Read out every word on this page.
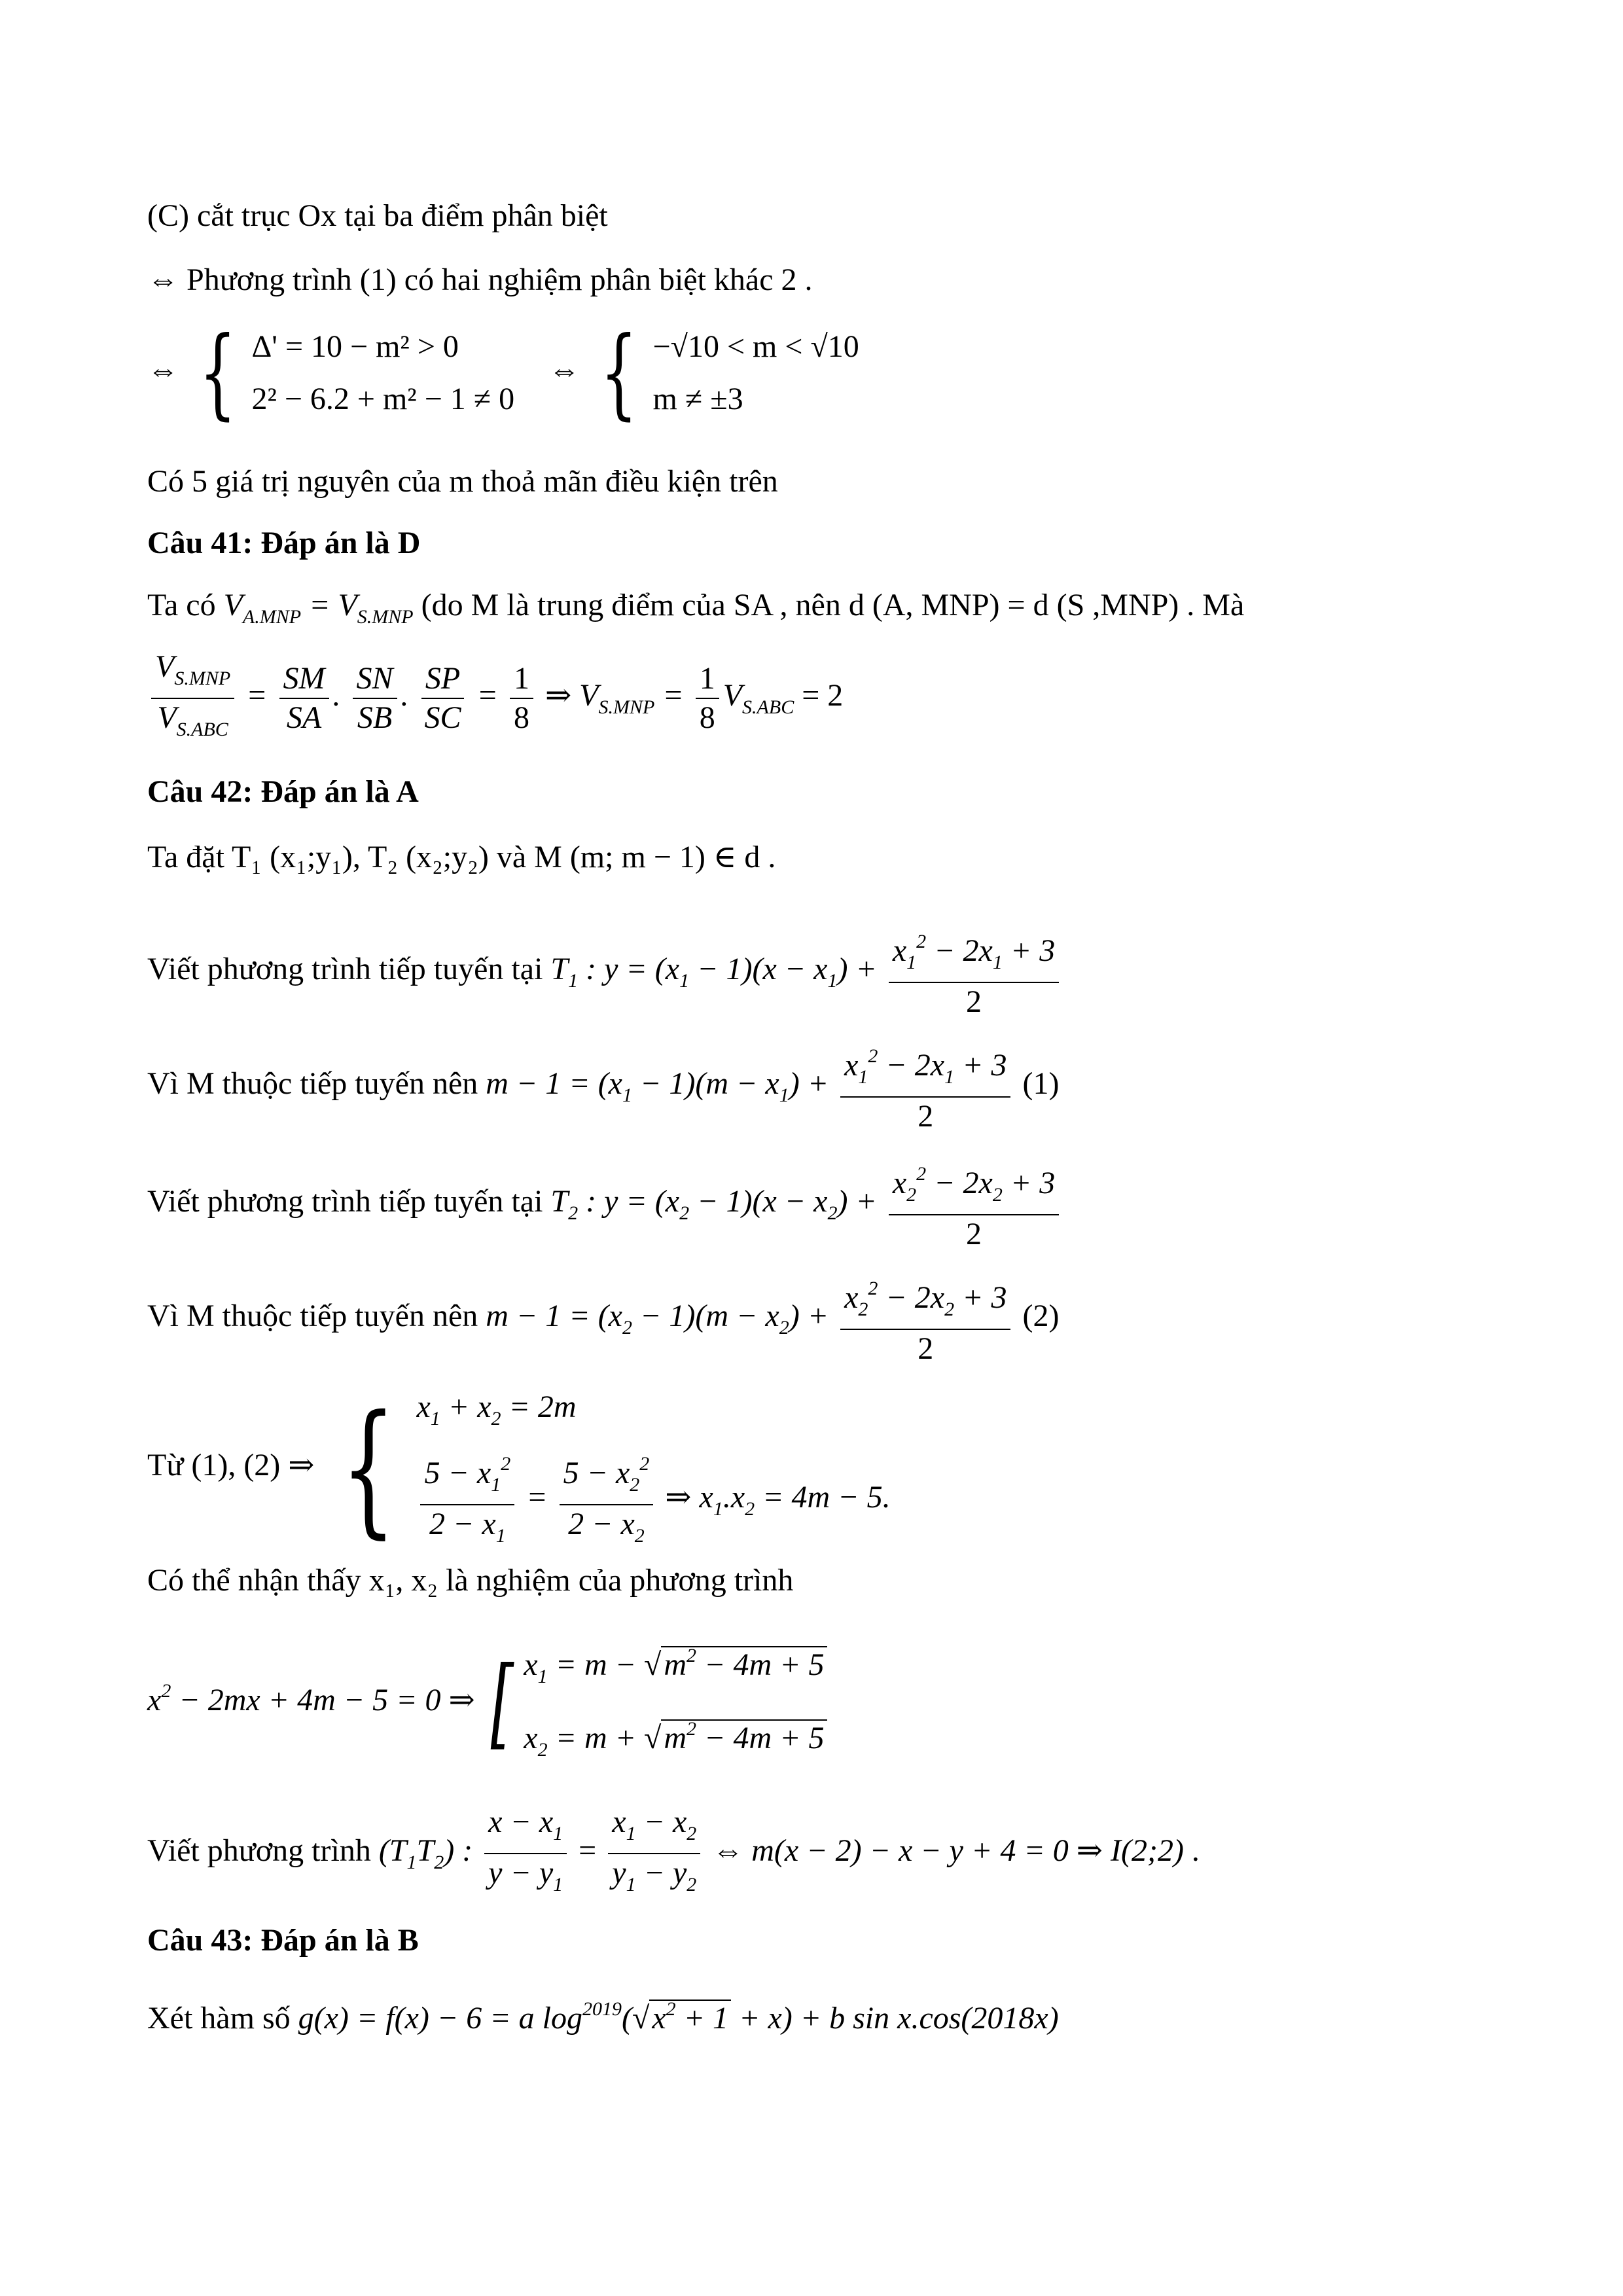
(C) cắt trục Ox tại ba điểm phân biệt
⇔ Phương trình (1) có hai nghiệm phân biệt khác 2 .
⇔ { Δ' = 10 − m² > 0
2² − 6.2 + m² − 1 ≠ 0
⇔ { −√10 < m < √10
m ≠ ±3
Có 5 giá trị nguyên của m thoả mãn điều kiện trên
Câu 41: Đáp án là D
Ta có $V_{A.MNP} = V_{S.MNP}$ (do M là trung điểm của SA , nên d (A, MNP) = d (S ,MNP) . Mà
$\frac{V_{S.MNP}}{V_{S.ABC}} = \frac{SM}{SA}$ . $\frac{SN}{SB}$ . $\frac{SP}{SC} = \frac{1}{8}$ ⇒ $V_{S.MNP} = \frac{1}{8} V_{S.ABC} = 2$
Câu 42: Đáp án là A
Ta đặt T₁ (x₁;y₁), T₂ (x₂;y₂) và M (m; m − 1) ∈ d .
Viết phương trình tiếp tuyến tại $T_1$ : $y = (x_1 - 1)(x - x_1) + \frac{x_1^2 - 2x_1 + 3}{2}$
Vì M thuộc tiếp tuyến nên $m - 1 = (x_1 - 1)(m - x_1) + \frac{x_1^2 - 2x_1 + 3}{2} (1)$
Viết phương trình tiếp tuyến tại $T_2$ : $y = (x_2 - 1)(x - x_2) + \frac{x_2^2 - 2x_2 + 3}{2}$
Vì M thuộc tiếp tuyến nên $m - 1 = (x_2 - 1)(m - x_2) + \frac{x_2^2 - 2x_2 + 3}{2} (2)$
Từ (1), (2) ⇒ { $x_1 + x_2 = 2m$
$\frac{5 - x_1^2}{2 - x_1} = \frac{5 - x_2^2}{2 - x_2}$ ⇒ $x_1.x_2 = 4m - 5$.
Có thể nhận thấy x₁, x₂ là nghiệm của phương trình
$x^2 - 2mx + 4m - 5 = 0$ ⇒ [ $x_1 = m - √m^2 - 4m + 5$
$x_2 = m + √m^2 - 4m + 5$
Viết phương trình $(T_1T_2)$ : $\frac{x - x_1}{y - y_1} = \frac{x_1 - x_2}{y_1 - y_2}$ ⇔ m(x − 2) − x − y + 4 = 0 ⇒ I(2;2) .
Câu 43: Đáp án là B
Xét hàm số g(x) = f(x) − 6 = a $\log^{2019}(√x^2 + 1 + x) + b$ sin x.cos(2018x)
